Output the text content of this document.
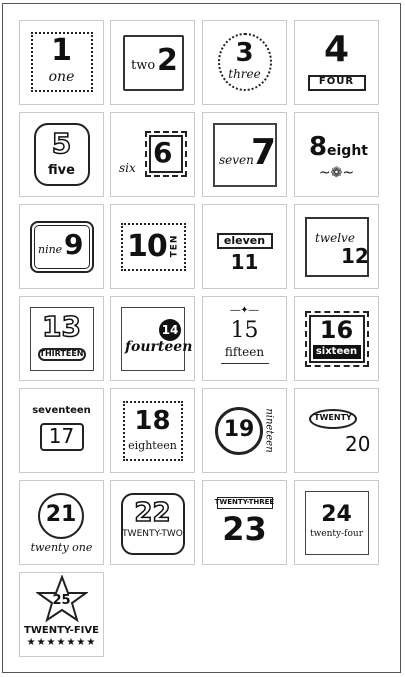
1
one
two 2	3
three
4
FOUR
5
five	six 6	seven
7 8 eight
~❁~
nine 9 10 TEN	eleven
11
twelve
12
13
THIRTEEN
14
fourteen
―✦―
15
fifteen
16
sixteen
seventeen
17	18
eighteen
19 nineteen	TWENTY
20
21
twenty one
22
TWENTY-TWO
TWENTY-THREE
23	24
twenty-four
25
TWENTY-FIVE
★★★★★★★
